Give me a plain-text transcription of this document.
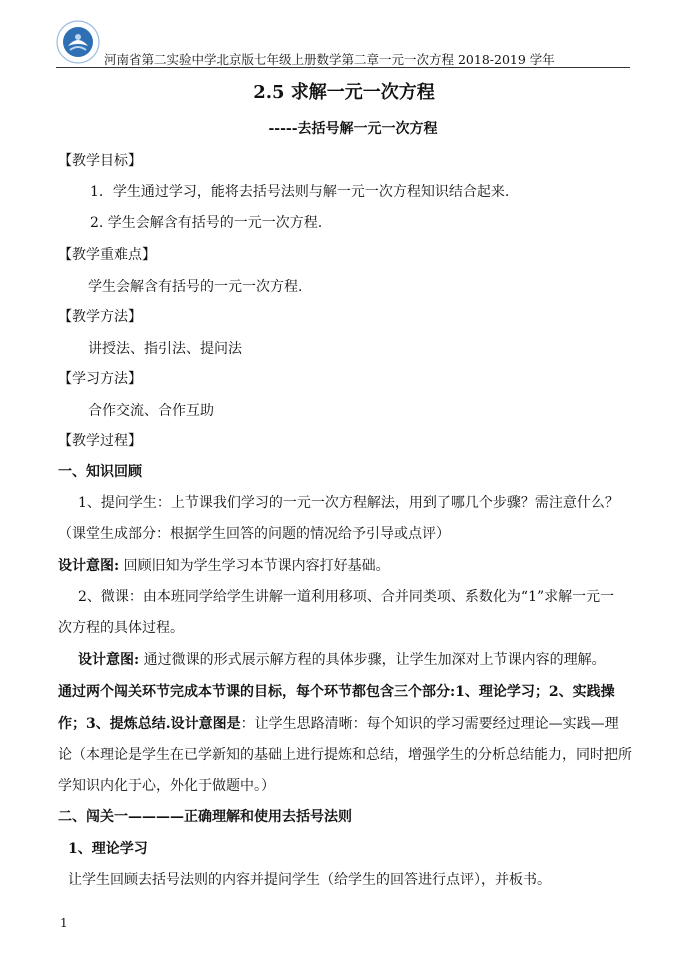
河南省第二实验中学北京版七年级上册数学第二章一元一次方程 2018-2019 学年
2.5 求解一元一次方程
-----去括号解一元一次方程
【教学目标】
1．学生通过学习，能将去括号法则与解一元一次方程知识结合起来.
2. 学生会解含有括号的一元一次方程.
【教学重难点】
学生会解含有括号的一元一次方程.
【教学方法】
讲授法、指引法、提问法
【学习方法】
合作交流、合作互助
【教学过程】
一、知识回顾
1、提问学生：上节课我们学习的一元一次方程解法，用到了哪几个步骤？需注意什么？
（课堂生成部分：根据学生回答的问题的情况给予引导或点评）
设计意图: 回顾旧知为学生学习本节课内容打好基础。
2、微课：由本班同学给学生讲解一道利用移项、合并同类项、系数化为“1”求解一元一
次方程的具体过程。
设计意图: 通过微课的形式展示解方程的具体步骤，让学生加深对上节课内容的理解。
通过两个闯关环节完成本节课的目标，每个环节都包含三个部分:1、理论学习；2、实践操
作；3、提炼总结.设计意图是：让学生思路清晰：每个知识的学习需要经过理论—实践—理
论（本理论是学生在已学新知的基础上进行提炼和总结，增强学生的分析总结能力，同时把所
学知识内化于心，外化于做题中。）
二、闯关一————正确理解和使用去括号法则
1、理论学习
让学生回顾去括号法则的内容并提问学生（给学生的回答进行点评），并板书。
1
